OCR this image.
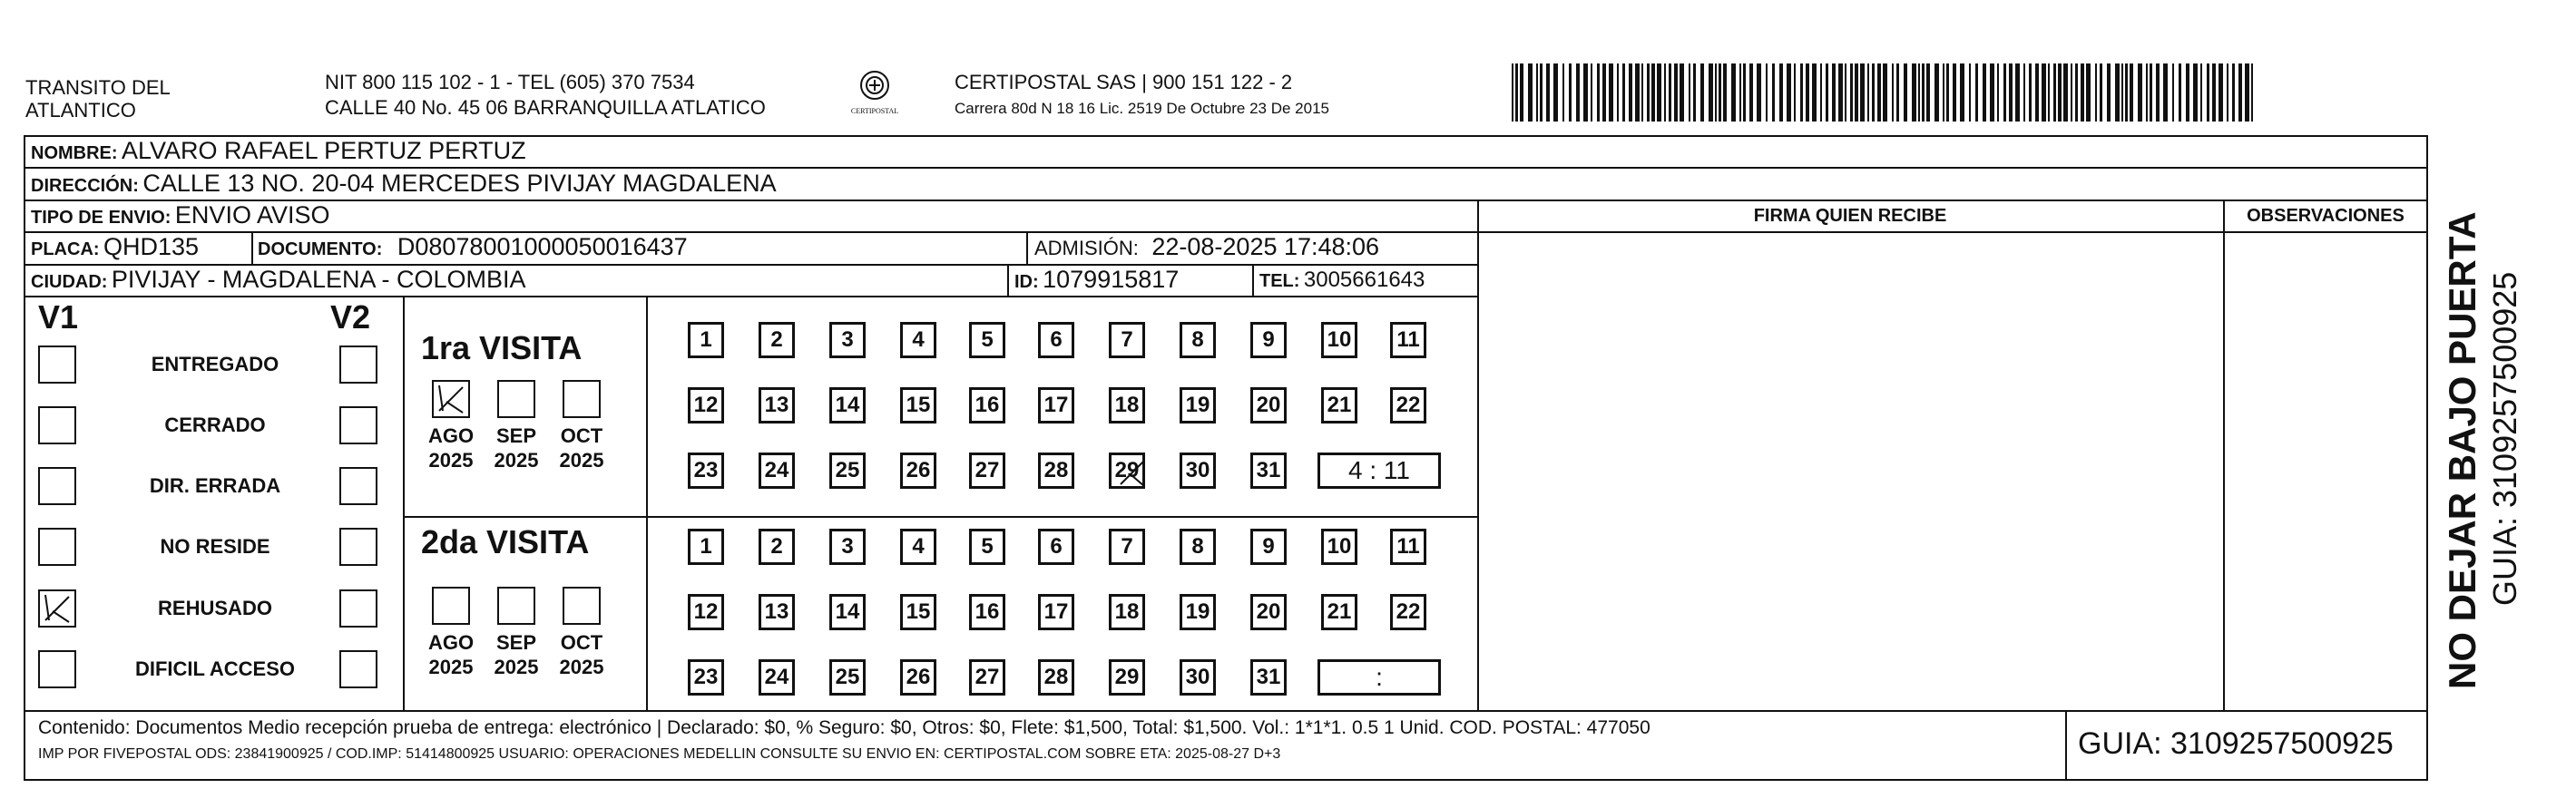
TRANSITO DEL
ATLANTICO
NIT 800 115 102 - 1 - TEL (605) 370 7534
CALLE 40 No. 45 06 BARRANQUILLA ATLATICO	CERTIPOSTAL
CERTIPOSTAL SAS | 900 151 122 - 2
Carrera 80d N 18 16 Lic. 2519 De Octubre 23 De 2015
NOMBRE: ALVARO RAFAEL PERTUZ PERTUZ
DIRECCIÓN: CALLE 13 NO. 20-04 MERCEDES PIVIJAY MAGDALENA
TIPO DE ENVIO: ENVIO AVISO	FIRMA QUIEN RECIBE	OBSERVACIONES
PLACA: QHD135	DOCUMENTO: D08078001000050016437	ADMISIÓN: 22-08-2025 17:48:06
CIUDAD: PIVIJAY - MAGDALENA - COLOMBIA	ID: 1079915817	TEL: 3005661643
V1	V2
ENTREGADO
CERRADO
DIR. ERRADA
NO RESIDE
REHUSADO
DIFICIL ACCESO
1ra VISITA
2da VISITA
AGO
2025
SEP
2025
OCT
2025
1	2	3	4	5	6	7	8	9	10	11
12 13 14 15 16 17 18 19 20 21 22
23 24 25 26 27 28 29 30 31	4 : 11
AGO
2025
SEP
2025
OCT
2025
1	2	3	4	5	6	7	8	9	10	11
12 13 14 15 16 17 18 19 20 21 22
23 24 25 26 27 28 29 30 31	:
Contenido: Documentos Medio recepción prueba de entrega: electrónico | Declarado: $0, % Seguro: $0, Otros: $0, Flete: $1,500, Total: $1,500. Vol.: 1*1*1. 0.5 1 Unid. COD. POSTAL: 477050
IMP POR FIVEPOSTAL ODS: 23841900925 / COD.IMP: 51414800925 USUARIO: OPERACIONES MEDELLIN CONSULTE SU ENVIO EN: CERTIPOSTAL.COM SOBRE ETA: 2025-08-27 D+3	GUIA: 3109257500925
NO DEJAR BAJO PUERTA GUIA: 3109257500925
